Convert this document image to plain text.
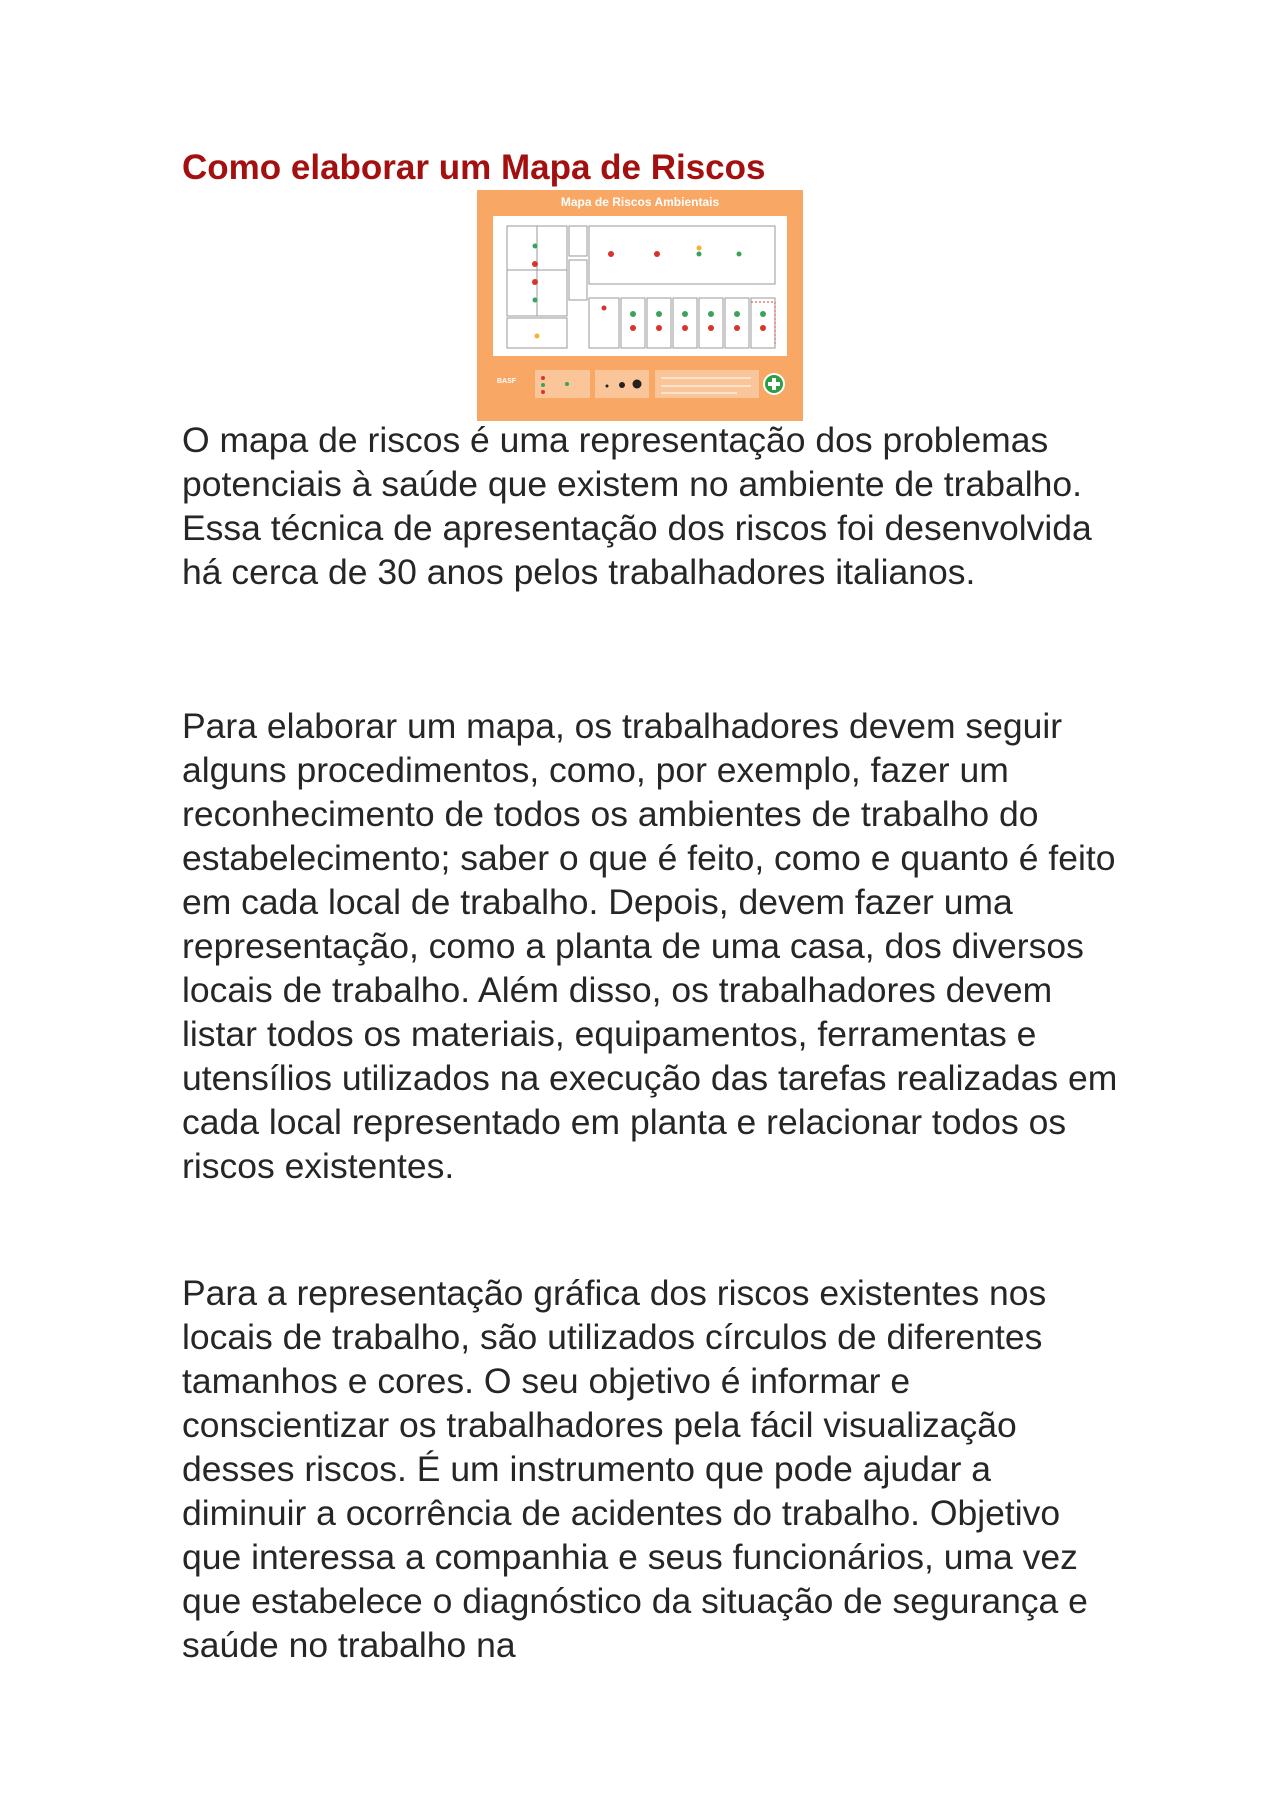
Como elaborar um Mapa de Riscos
Mapa de Riscos Ambientais
BASF

O mapa de riscos é uma representação dos problemas potenciais à saúde que existem no ambiente de trabalho. Essa técnica de apresentação dos riscos foi desenvolvida há cerca de 30 anos pelos trabalhadores italianos.

Para elaborar um mapa, os trabalhadores devem seguir alguns procedimentos, como, por exemplo, fazer um reconhecimento de todos os ambientes de trabalho do estabelecimento; saber o que é feito, como e quanto é feito em cada local de trabalho. Depois, devem fazer uma representação, como a planta de uma casa, dos diversos locais de trabalho. Além disso, os trabalhadores devem listar todos os materiais, equipamentos, ferramentas e utensílios utilizados na execução das tarefas realizadas em cada local representado em planta e relacionar todos os riscos existentes.

Para a representação gráfica dos riscos existentes nos locais de trabalho, são utilizados círculos de diferentes tamanhos e cores. O seu objetivo é informar e conscientizar os trabalhadores pela fácil visualização desses riscos. É um instrumento que pode ajudar a diminuir a ocorrência de acidentes do trabalho. Objetivo que interessa a companhia e seus funcionários, uma vez que estabelece o diagnóstico da situação de segurança e saúde no trabalho na
